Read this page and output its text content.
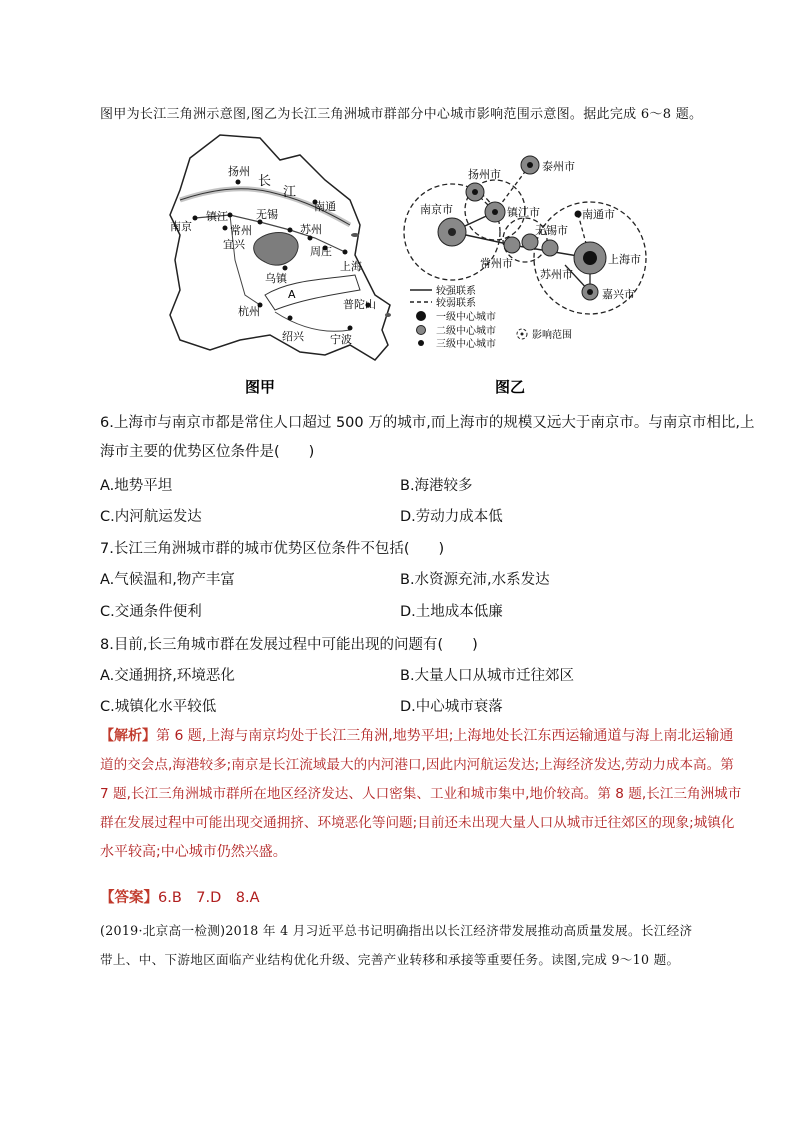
图甲为长江三角洲示意图,图乙为长江三角洲城市群部分中心城市影响范围示意图。据此完成 6～8 题。
扬州
长
江
南通
南京
镇江	无锡
常州	苏州
宜兴
周庄
上海
乌镇
A
杭州
普陀山
绍兴 宁波
图甲
泰州市
扬州市
南京市	镇江市	南通市
无锡市
常州市
苏州市
上海市
嘉兴市
较强联系
较弱联系
一级中心城市
二级中心城市
三级中心城市
影响范围
图乙
6.上海市与南京市都是常住人口超过 500 万的城市,而上海市的规模又远大于南京市。与南京市相比,上
海市主要的优势区位条件是(　　)
A.地势平坦	B.海港较多
C.内河航运发达	D.劳动力成本低
7.长江三角洲城市群的城市优势区位条件不包括(　　)
A.气候温和,物产丰富	B.水资源充沛,水系发达
C.交通条件便利	D.土地成本低廉
8.目前,长三角城市群在发展过程中可能出现的问题有(　　)
A.交通拥挤,环境恶化	B.大量人口从城市迁往郊区
C.城镇化水平较低	D.中心城市衰落
【解析】第 6 题,上海与南京均处于长江三角洲,地势平坦;上海地处长江东西运输通道与海上南北运输通
道的交会点,海港较多;南京是长江流域最大的内河港口,因此内河航运发达;上海经济发达,劳动力成本高。第
7 题,长江三角洲城市群所在地区经济发达、人口密集、工业和城市集中,地价较高。第 8 题,长江三角洲城市
群在发展过程中可能出现交通拥挤、环境恶化等问题;目前还未出现大量人口从城市迁往郊区的现象;城镇化
水平较高;中心城市仍然兴盛。
【答案】6.B　7.D　8.A
(2019·北京高一检测)2018 年 4 月习近平总书记明确指出以长江经济带发展推动高质量发展。长江经济
带上、中、下游地区面临产业结构优化升级、完善产业转移和承接等重要任务。读图,完成 9～10 题。
